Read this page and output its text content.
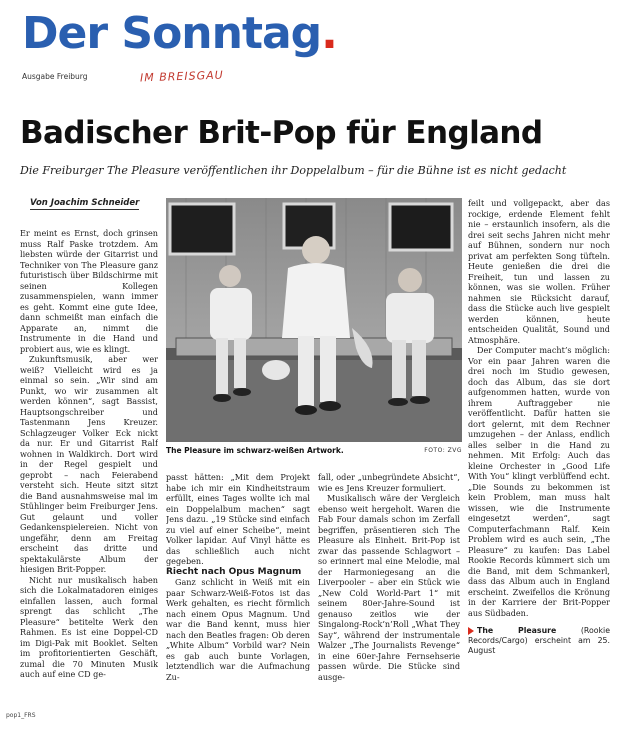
Der Sonntag.
Ausgabe Freiburg	IM BREISGAU
Badischer Brit-Pop für England
Die Freiburger The Pleasure veröffentlichen ihr Doppelalbum – für die Bühne ist es nicht gedacht
Von Joachim Schneider

Er meint es Ernst, doch grinsen muss Ralf Paske trotzdem. Am liebsten würde der Gitarrist und Techniker von The Pleasure ganz futuristisch über Bildschirme mit seinen Kollegen zusammenspielen, wann immer es geht. Kommt eine gute Idee, dann schmeißt man einfach die Apparate an, nimmt die Instrumente in die Hand und probiert aus, wie es klingt.

Zukunftsmusik, aber wer weiß? Vielleicht wird es ja einmal so sein. „Wir sind am Punkt, wo wir zusammen alt werden können“, sagt Bassist, Hauptsongschreiber und Tastenmann Jens Kreuzer. Schlagzeuger Volker Eck nickt da nur. Er und Gitarrist Ralf wohnen in Waldkirch. Dort wird in der Regel gespielt und geprobt – nach Feierabend versteht sich. Heute sitzt sitzt die Band ausnahmsweise mal im Stühlinger beim Freiburger Jens. Gut gelaunt und voller Gedankenspielereien. Nicht von ungefähr, denn am Freitag erscheint das dritte und spektakulärste Album der hiesigen Brit-Popper.

Nicht nur musikalisch haben sich die Lokalmatadoren einiges einfallen lassen, auch formal sprengt das schlicht „The Pleasure“ betitelte Werk den Rahmen. Es ist eine Doppel-CD im Digi-Pak mit Booklet. Selten im profitorientierten Geschäft, zumal die 70 Minuten Musik auch auf eine CD ge-

The Pleasure im schwarz-weißen Artwork.	FOTO: ZVG

passt hätten: „Mit dem Projekt habe ich mir ein Kindheitstraum erfüllt, eines Tages wollte ich mal ein Doppelalbum machen“ sagt Jens dazu. „19 Stücke sind einfach zu viel auf einer Scheibe“, meint Volker lapidar. Auf Vinyl hätte es das schließlich auch nicht gegeben.

Riecht nach Opus Magnum

Ganz schlicht in Weiß mit ein paar Schwarz-Weiß-Fotos ist das Werk gehalten, es riecht förmlich nach einem Opus Magnum. Und war die Band kennt, muss hier nach den Beatles fragen: Ob deren „White Album“ Vorbild war? Nein es gab auch bunte Vorlagen, letztendlich war die Aufmachung Zu-

fall, oder „unbegründete Absicht“, wie es Jens Kreuzer formuliert.

Musikalisch wäre der Vergleich ebenso weit hergeholt. Waren die Fab Four damals schon im Zerfall begriffen, präsentieren sich The Pleasure als Einheit. Brit-Pop ist zwar das passende Schlagwort – so erinnert mal eine Melodie, mal der Harmoniegesang an die Liverpooler – aber ein Stück wie „New Cold World-Part 1“ mit seinem 80er-Jahre-Sound ist genauso zeitlos wie der Singalong-Rock’n’Roll „What They Say“, während der instrumentale Walzer „The Journalists Revenge“ in eine 60er-Jahre Fernsehserie passen würde. Die Stücke sind ausge-

feilt und vollgepackt, aber das rockige, erdende Element fehlt nie – erstaunlich insofern, als die drei seit sechs Jahren nicht mehr auf Bühnen, sondern nur noch privat am perfekten Song tüfteln. Heute genießen die drei die Freiheit, tun und lassen zu können, was sie wollen. Früher nahmen sie Rücksicht darauf, dass die Stücke auch live gespielt werden können, heute entscheiden Qualität, Sound und Atmosphäre.

Der Computer macht’s möglich: Vor ein paar Jahren waren die drei noch im Studio gewesen, doch das Album, das sie dort aufgenommen hatten, wurde von ihrem Auftraggeber nie veröffentlicht. Dafür hatten sie dort gelernt, mit dem Rechner umzugehen – der Anlass, endlich alles selber in die Hand zu nehmen. Mit Erfolg: Auch das kleine Orchester in „Good Life With You“ klingt verblüffend echt. „Die Sounds zu bekommen ist kein Problem, man muss halt wissen, wie die Instrumente eingesetzt werden“, sagt Computerfachmann Ralf. Kein Problem wird es auch sein, „The Pleasure“ zu kaufen: Das Label Rookie Records kümmert sich um die Band, mit dem Schmankerl, dass das Album auch in England erscheint. Zweifellos die Krönung in der Karriere der Brit-Popper aus Südbaden.

The Pleasure (Rookie Records/Cargo) erscheint am 25. August

pop1_FRS
